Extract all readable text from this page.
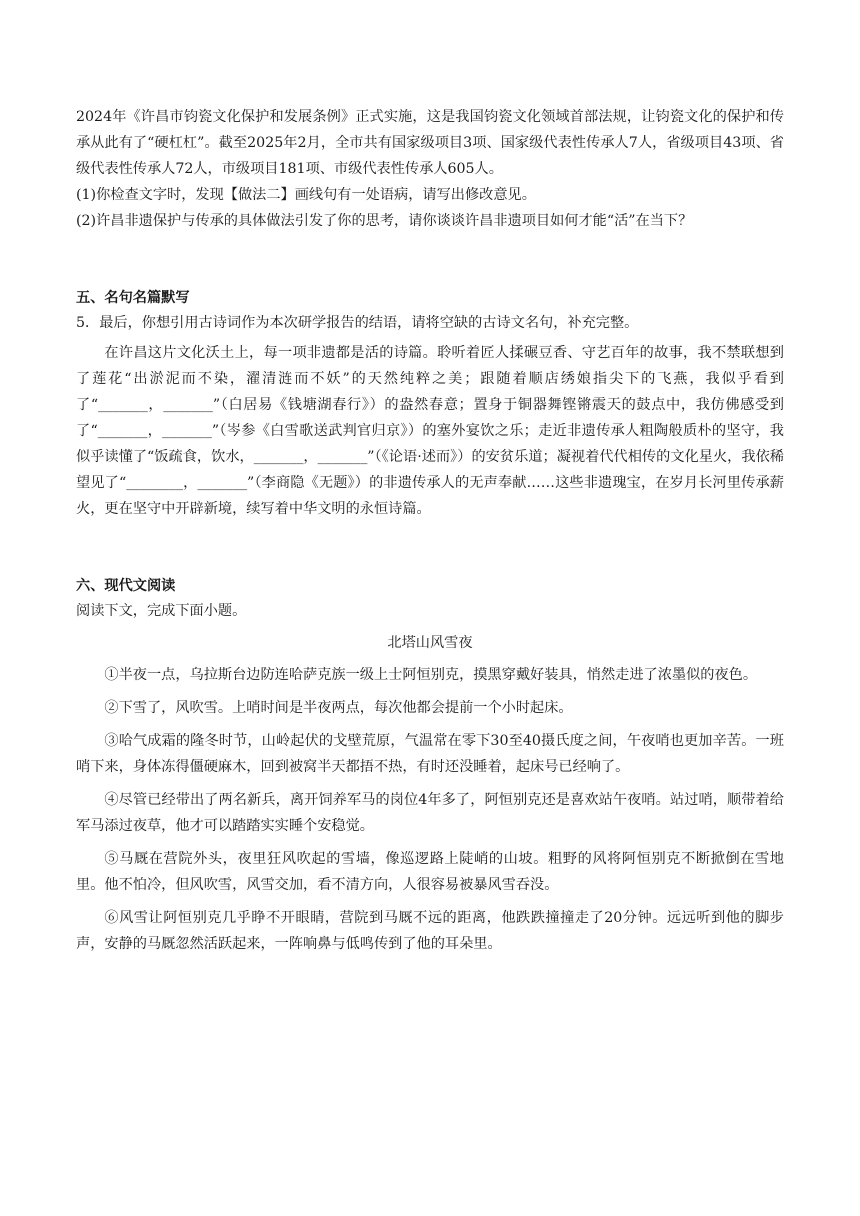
2024年《许昌市钧瓷文化保护和发展条例》正式实施，这是我国钧瓷文化领域首部法规，让钧瓷文化的保护和传承从此有了“硬杠杠”。截至2025年2月，全市共有国家级项目3项、国家级代表性传承人7人，省级项目43项、省级代表性传承人72人，市级项目181项、市级代表性传承人605人。

(1)你检查文字时，发现【做法二】画线句有一处语病，请写出修改意见。

(2)许昌非遗保护与传承的具体做法引发了你的思考，请你谈谈许昌非遗项目如何才能“活”在当下？

五、名句名篇默写

5．最后，你想引用古诗词作为本次研学报告的结语，请将空缺的古诗文名句，补充完整。

在许昌这片文化沃土上，每一项非遗都是活的诗篇。聆听着匠人揉碾豆香、守艺百年的故事，我不禁联想到了莲花“出淤泥而不染，濯清涟而不妖”的天然纯粹之美；跟随着顺店绣娘指尖下的飞燕，我似乎看到了“_______，_______”（白居易《钱塘湖春行》）的盎然春意；置身于铜器舞铿锵震天的鼓点中，我仿佛感受到了“_______，_______”（岑参《白雪歌送武判官归京》）的塞外宴饮之乐；走近非遗传承人粗陶般质朴的坚守，我似乎读懂了“饭疏食，饮水，_______，_______”（《论语·述而》）的安贫乐道；凝视着代代相传的文化星火，我依稀望见了“________，_______”（李商隐《无题》）的非遗传承人的无声奉献……这些非遗瑰宝，在岁月长河里传承薪火，更在坚守中开辟新境，续写着中华文明的永恒诗篇。

六、现代文阅读

阅读下文，完成下面小题。

北塔山风雪夜

①半夜一点，乌拉斯台边防连哈萨克族一级上士阿恒别克，摸黑穿戴好装具，悄然走进了浓墨似的夜色。

②下雪了，风吹雪。上哨时间是半夜两点，每次他都会提前一个小时起床。

③哈气成霜的隆冬时节，山岭起伏的戈壁荒原，气温常在零下30至40摄氏度之间，午夜哨也更加辛苦。一班哨下来，身体冻得僵硬麻木，回到被窝半天都捂不热，有时还没睡着，起床号已经响了。

④尽管已经带出了两名新兵，离开饲养军马的岗位4年多了，阿恒别克还是喜欢站午夜哨。站过哨，顺带着给军马添过夜草，他才可以踏踏实实睡个安稳觉。

⑤马厩在营院外头，夜里狂风吹起的雪墙，像巡逻路上陡峭的山坡。粗野的风将阿恒别克不断掀倒在雪地里。他不怕冷，但风吹雪，风雪交加，看不清方向，人很容易被暴风雪吞没。

⑥风雪让阿恒别克几乎睁不开眼睛，营院到马厩不远的距离，他跌跌撞撞走了20分钟。远远听到他的脚步声，安静的马厩忽然活跃起来，一阵响鼻与低鸣传到了他的耳朵里。
